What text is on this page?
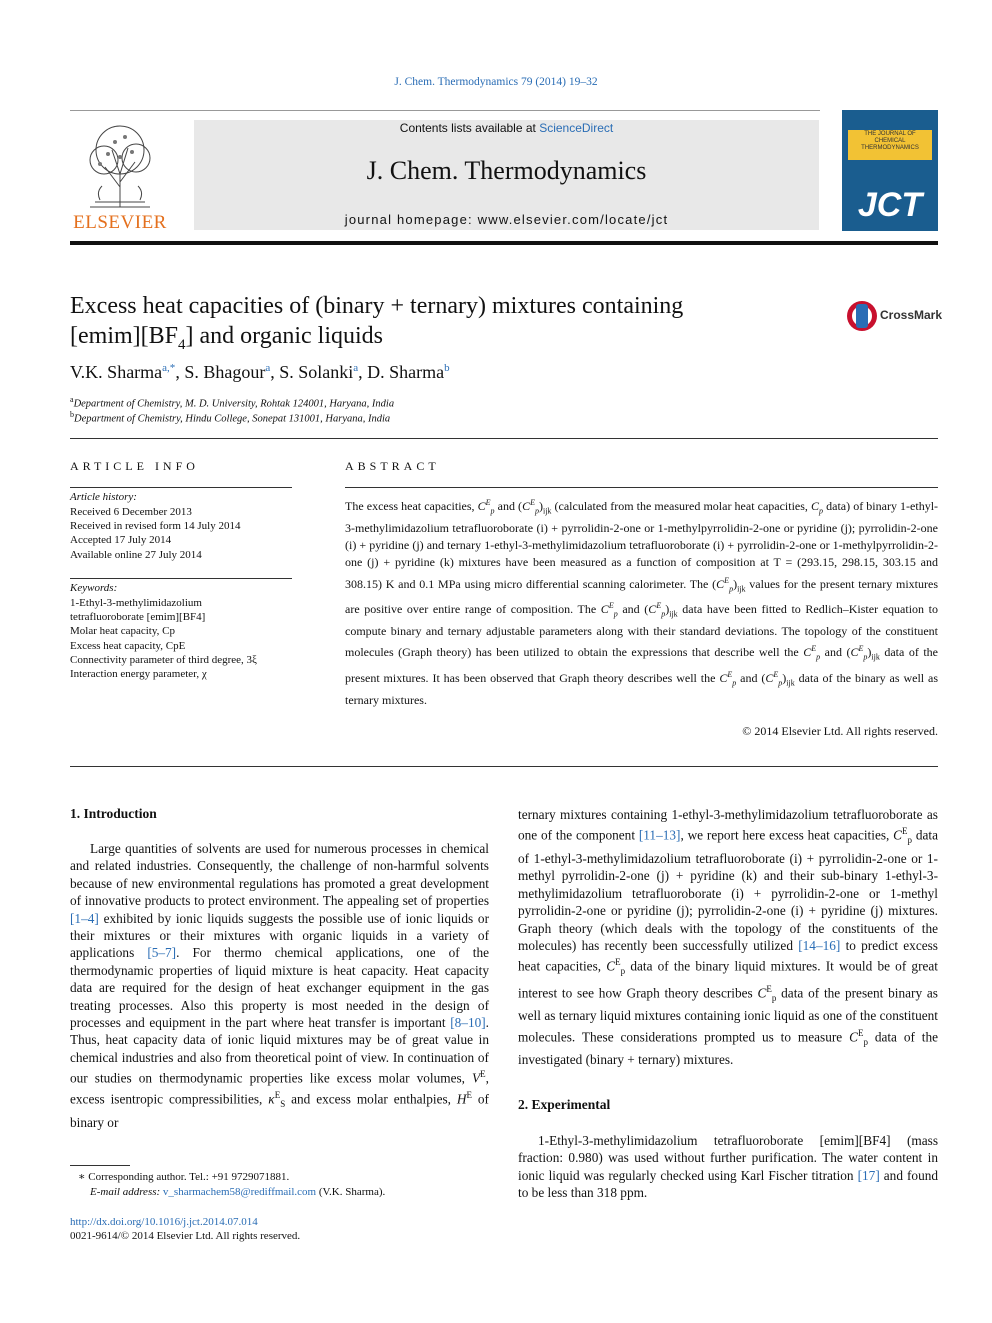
J. Chem. Thermodynamics 79 (2014) 19–32
ELSEVIER
Contents lists available at ScienceDirect
J. Chem. Thermodynamics
journal homepage: www.elsevier.com/locate/jct
THE JOURNAL OF CHEMICAL THERMODYNAMICS
JCT
Excess heat capacities of (binary + ternary) mixtures containing
$[emim][BF_4]$ and organic liquids
CrossMark
V.K. Sharma$^{a,*}$, S. Bhagour$^a$, S. Solanki$^a$, D. Sharma$^b$
$^a$Department of Chemistry, M. D. University, Rohtak 124001, Haryana, India
$^b$Department of Chemistry, Hindu College, Sonepat 131001, Haryana, India
ARTICLE INFO	ABSTRACT
Article history:
Received 6 December 2013
Received in revised form 14 July 2014
Accepted 17 July 2014
Available online 27 July 2014
Keywords:
1-Ethyl-3-methylimidazolium
tetrafluoroborate [emim][BF4]
Molar heat capacity, Cp
Excess heat capacity, CpE
Connectivity parameter of third degree, 3ξ
Interaction energy parameter, χ
The excess heat capacities, $C^E_p$ and $(C^E_p)_{ijk}$ (calculated from the measured molar heat capacities, $C_p$ data) of binary 1-ethyl-3-methylimidazolium tetrafluoroborate (i) + pyrrolidin-2-one or 1-methylpyrrolidin-2-one or pyridine (j); pyrrolidin-2-one (i) + pyridine (j) and ternary 1-ethyl-3-methylimidazolium tetrafluoroborate (i) + pyrrolidin-2-one or 1-methylpyrrolidin-2-one (j) + pyridine (k) mixtures have been measured as a function of composition at T = (293.15, 298.15, 303.15 and 308.15) K and 0.1 MPa using micro differential scanning calorimeter. The $(C^E_p)_{ijk}$ values for the present ternary mixtures are positive over entire range of composition. The $C^E_p$ and $(C^E_p)_{ijk}$ data have been fitted to Redlich–Kister equation to compute binary and ternary adjustable parameters along with their standard deviations. The topology of the constituent molecules (Graph theory) has been utilized to obtain the expressions that describe well the $C^E_p$ and $(C^E_p)_{ijk}$ data of the present mixtures. It has been observed that Graph theory describes well the $C^E_p$ and $(C^E_p)_{ijk}$ data of the binary as well as ternary mixtures.
© 2014 Elsevier Ltd. All rights reserved.
1. Introduction
Large quantities of solvents are used for numerous processes in chemical and related industries. Consequently, the challenge of non-harmful solvents because of new environmental regulations has promoted a great development of innovative products to protect environment. The appealing set of properties [1–4] exhibited by ionic liquids suggests the possible use of ionic liquids or their mixtures or their mixtures with organic liquids in a variety of applications [5–7]. For thermo chemical applications, one of the thermodynamic properties of liquid mixture is heat capacity. Heat capacity data are required for the design of heat exchanger equipment in the gas treating processes. Also this property is most needed in the design of processes and equipment in the part where heat transfer is important [8–10]. Thus, heat capacity data of ionic liquid mixtures may be of great value in chemical industries and also from theoretical point of view. In continuation of our studies on thermodynamic properties like excess molar volumes, $V^E$, excess isentropic compressibilities, $\kappa^E_S$ and excess molar enthalpies, $H^E$ of binary or
ternary mixtures containing 1-ethyl-3-methylimidazolium tetrafluoroborate as one of the component [11–13], we report here excess heat capacities, $C^E_p$ data of 1-ethyl-3-methylimidazolium tetrafluoroborate (i) + pyrrolidin-2-one or 1-methyl pyrrolidin-2-one (j) + pyridine (k) and their sub-binary 1-ethyl-3-methylimidazolium tetrafluoroborate (i) + pyrrolidin-2-one or 1-methyl pyrrolidin-2-one or pyridine (j); pyrrolidin-2-one (i) + pyridine (j) mixtures. Graph theory (which deals with the topology of the constituents of the molecules) has recently been successfully utilized [14–16] to predict excess heat capacities, $C^E_p$ data of the binary liquid mixtures. It would be of great interest to see how Graph theory describes $C^E_p$ data of the present binary as well as ternary liquid mixtures containing ionic liquid as one of the constituent molecules. These considerations prompted us to measure $C^E_p$ data of the investigated (binary + ternary) mixtures.
2. Experimental
1-Ethyl-3-methylimidazolium tetrafluoroborate [emim][BF4] (mass fraction: 0.980) was used without further purification. The water content in ionic liquid was regularly checked using Karl Fischer titration [17] and found to be less than 318 ppm.
∗ Corresponding author. Tel.: +91 9729071881.
E-mail address: v_sharmachem58@rediffmail.com (V.K. Sharma).
http://dx.doi.org/10.1016/j.jct.2014.07.014
0021-9614/© 2014 Elsevier Ltd. All rights reserved.
